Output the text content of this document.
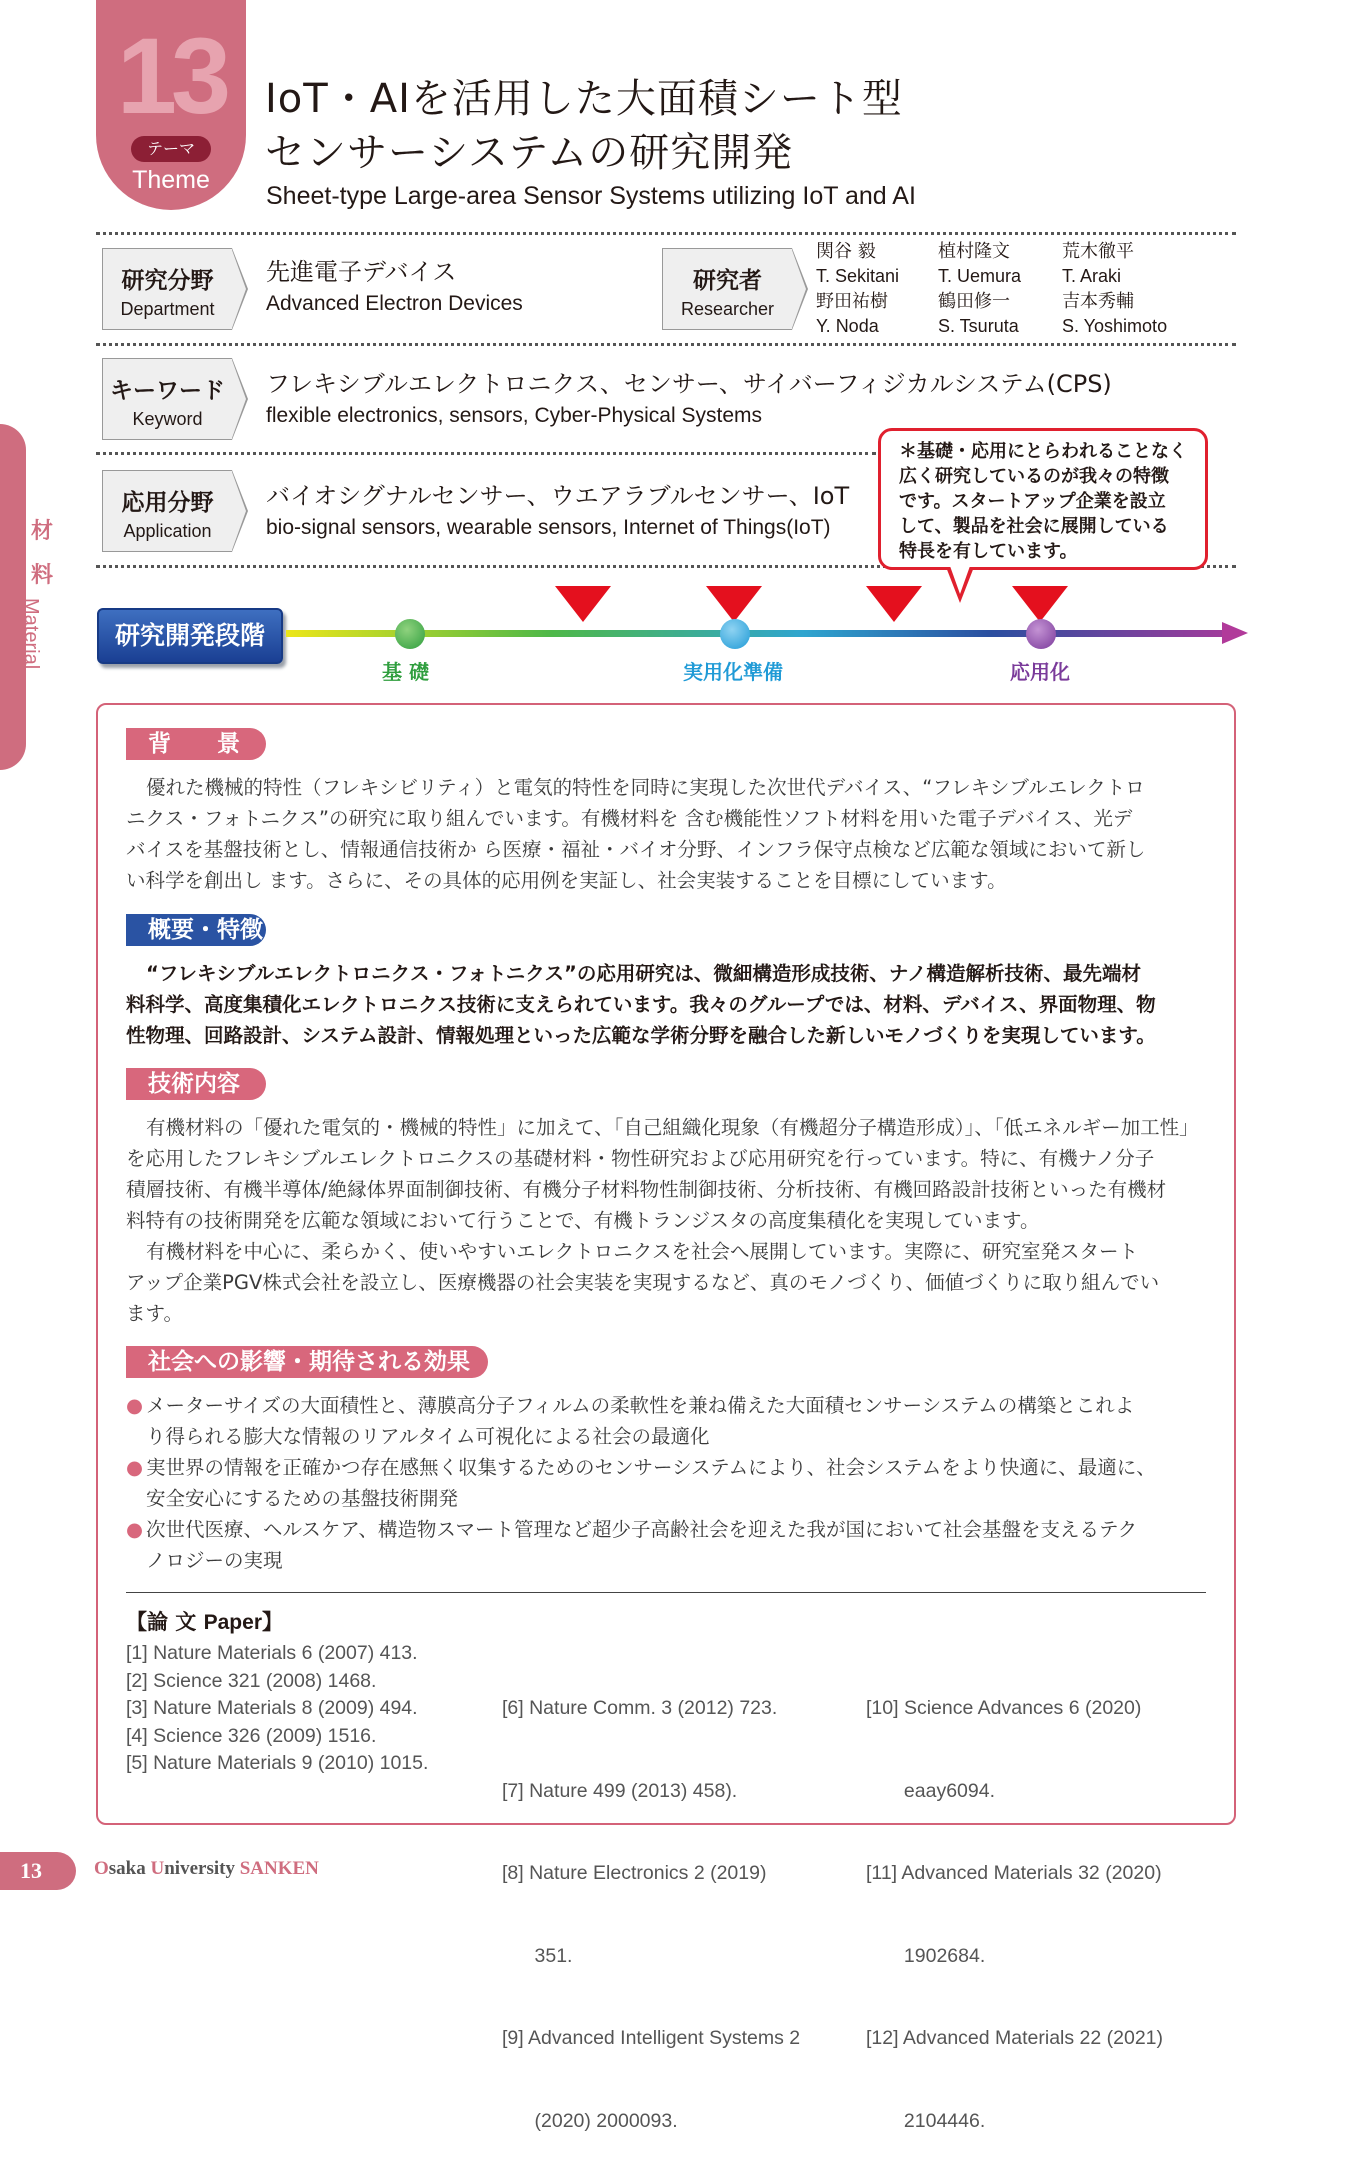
13
テーマ
Theme
IoT・AIを活用した大面積シート型
センサーシステムの研究開発
Sheet-type Large-area Sensor Systems utilizing IoT and AI
研究分野
Department
先進電子デバイス
Advanced Electron Devices
研究者
Researcher
関谷 毅
T. Sekitani
植村隆文
T. Uemura
荒木徹平
T. Araki
野田祐樹
Y. Noda
鶴田修一
S. Tsuruta
吉本秀輔
S. Yoshimoto
キーワード
Keyword
フレキシブルエレクトロニクス、センサー、サイバーフィジカルシステム(CPS)
flexible electronics, sensors, Cyber-Physical Systems
応用分野
Application
バイオシグナルセンサー、ウエアラブルセンサー、IoT
bio-signal sensors, wearable sensors, Internet of Things(IoT)
＊基礎・応用にとらわれることなく
広く研究しているのが我々の特徴
です。スタートアップ企業を設立
して、製品を社会に展開している
特長を有しています。
研究開発段階
基 礎	実用化準備	応用化
材
料
Material
背　　景
優れた機械的特性（フレキシビリティ）と電気的特性を同時に実現した次世代デバイス、“フレキシブルエレクトロ
ニクス・フォトニクス”の研究に取り組んでいます。有機材料を 含む機能性ソフト材料を用いた電子デバイス、光デ
バイスを基盤技術とし、情報通信技術か ら医療・福祉・バイオ分野、インフラ保守点検など広範な領域において新し
い科学を創出し ます。さらに、その具体的応用例を実証し、社会実装することを目標にしています。
概要・特徴
“フレキシブルエレクトロニクス・フォトニクス”の応用研究は、微細構造形成技術、ナノ構造解析技術、最先端材
料科学、高度集積化エレクトロニクス技術に支えられています。我々のグループでは、材料、デバイス、界面物理、物
性物理、回路設計、システム設計、情報処理といった広範な学術分野を融合した新しいモノづくりを実現しています。
技術内容
有機材料の「優れた電気的・機械的特性」に加えて、「自己組織化現象（有機超分子構造形成）」、「低エネルギー加工性」
を応用したフレキシブルエレクトロニクスの基礎材料・物性研究および応用研究を行っています。特に、有機ナノ分子
積層技術、有機半導体/絶縁体界面制御技術、有機分子材料物性制御技術、分析技術、有機回路設計技術といった有機材
料特有の技術開発を広範な領域において行うことで、有機トランジスタの高度集積化を実現しています。
有機材料を中心に、柔らかく、使いやすいエレクトロニクスを社会へ展開しています。実際に、研究室発スタート
アップ企業PGV株式会社を設立し、医療機器の社会実装を実現するなど、真のモノづくり、価値づくりに取り組んでい
ます。
社会への影響・期待される効果
● メーターサイズの大面積性と、薄膜高分子フィルムの柔軟性を兼ね備えた大面積センサーシステムの構築とこれよ
り得られる膨大な情報のリアルタイム可視化による社会の最適化
● 実世界の情報を正確かつ存在感無く収集するためのセンサーシステムにより、社会システムをより快適に、最適に、
安全安心にするための基盤技術開発
● 次世代医療、ヘルスケア、構造物スマート管理など超少子高齢社会を迎えた我が国において社会基盤を支えるテク
ノロジーの実現
【論 文 Paper】
[1] Nature Materials 6 (2007) 413.
[2] Science 321 (2008) 1468.
[3] Nature Materials 8 (2009) 494.
[4] Science 326 (2009) 1516.
[5] Nature Materials 9 (2010) 1015.

[6] Nature Comm. 3 (2012) 723.

[7] Nature 499 (2013) 458).

[8] Nature Electronics 2 (2019)

351.

[9] Advanced Intelligent Systems 2

(2020) 2000093.

[10] Science Advances 6 (2020)

eaay6094.

[11] Advanced Materials 32 (2020)

1902684.

[12] Advanced Materials 22 (2021)

2104446.

13	Osaka University SANKEN
